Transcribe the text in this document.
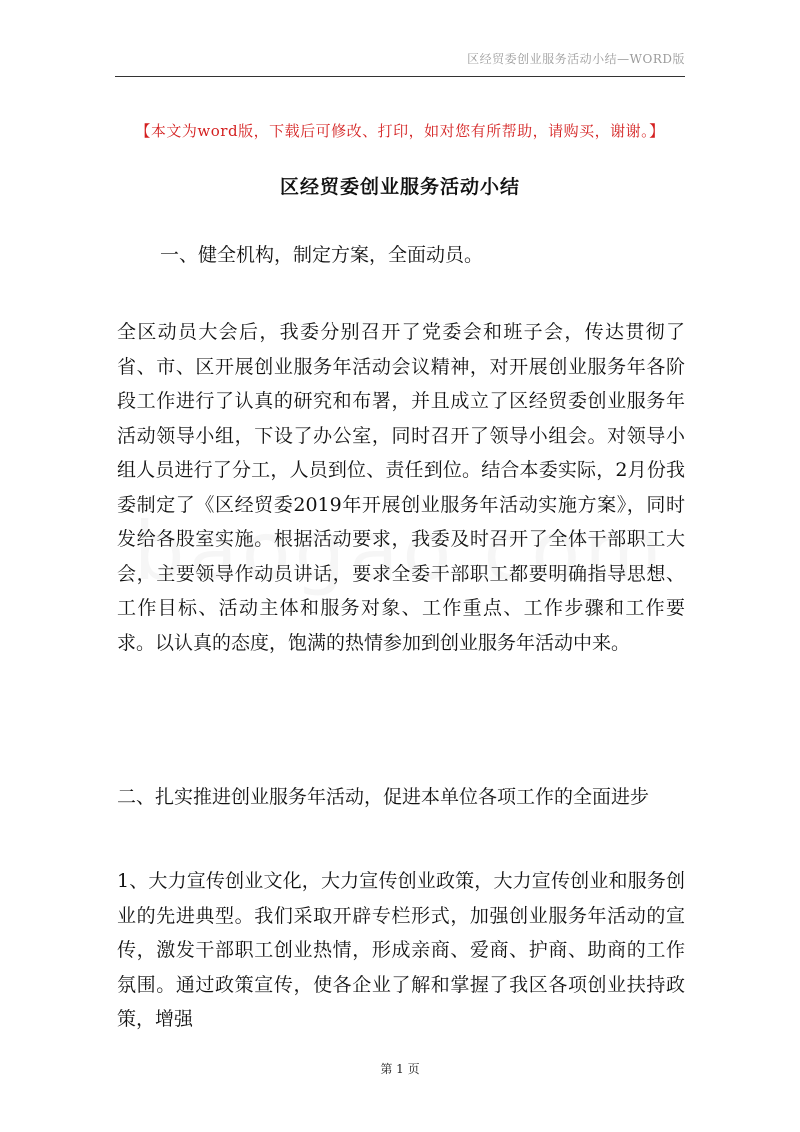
区经贸委创业服务活动小结—WORD版
【本文为word版，下载后可修改、打印，如对您有所帮助，请购买，谢谢。】
区经贸委创业服务活动小结
一、健全机构，制定方案，全面动员。

全区动员大会后，我委分别召开了党委会和班子会，传达贯彻了省、市、区开展创业服务年活动会议精神，对开展创业服务年各阶段工作进行了认真的研究和布署，并且成立了区经贸委创业服务年活动领导小组，下设了办公室，同时召开了领导小组会。对领导小组人员进行了分工，人员到位、责任到位。结合本委实际，2月份我委制定了《区经贸委2019年开展创业服务年活动实施方案》，同时发给各股室实施。根据活动要求，我委及时召开了全体干部职工大会，主要领导作动员讲话，要求全委干部职工都要明确指导思想、工作目标、活动主体和服务对象、工作重点、工作步骤和工作要求。以认真的态度，饱满的热情参加到创业服务年活动中来。

二、扎实推进创业服务年活动，促进本单位各项工作的全面进步

1、大力宣传创业文化，大力宣传创业政策，大力宣传创业和服务创业的先进典型。我们采取开辟专栏形式，加强创业服务年活动的宣传，激发干部职工创业热情，形成亲商、爱商、护商、助商的工作氛围。通过政策宣传，使各企业了解和掌握了我区各项创业扶持政策，增强

第 1 页
